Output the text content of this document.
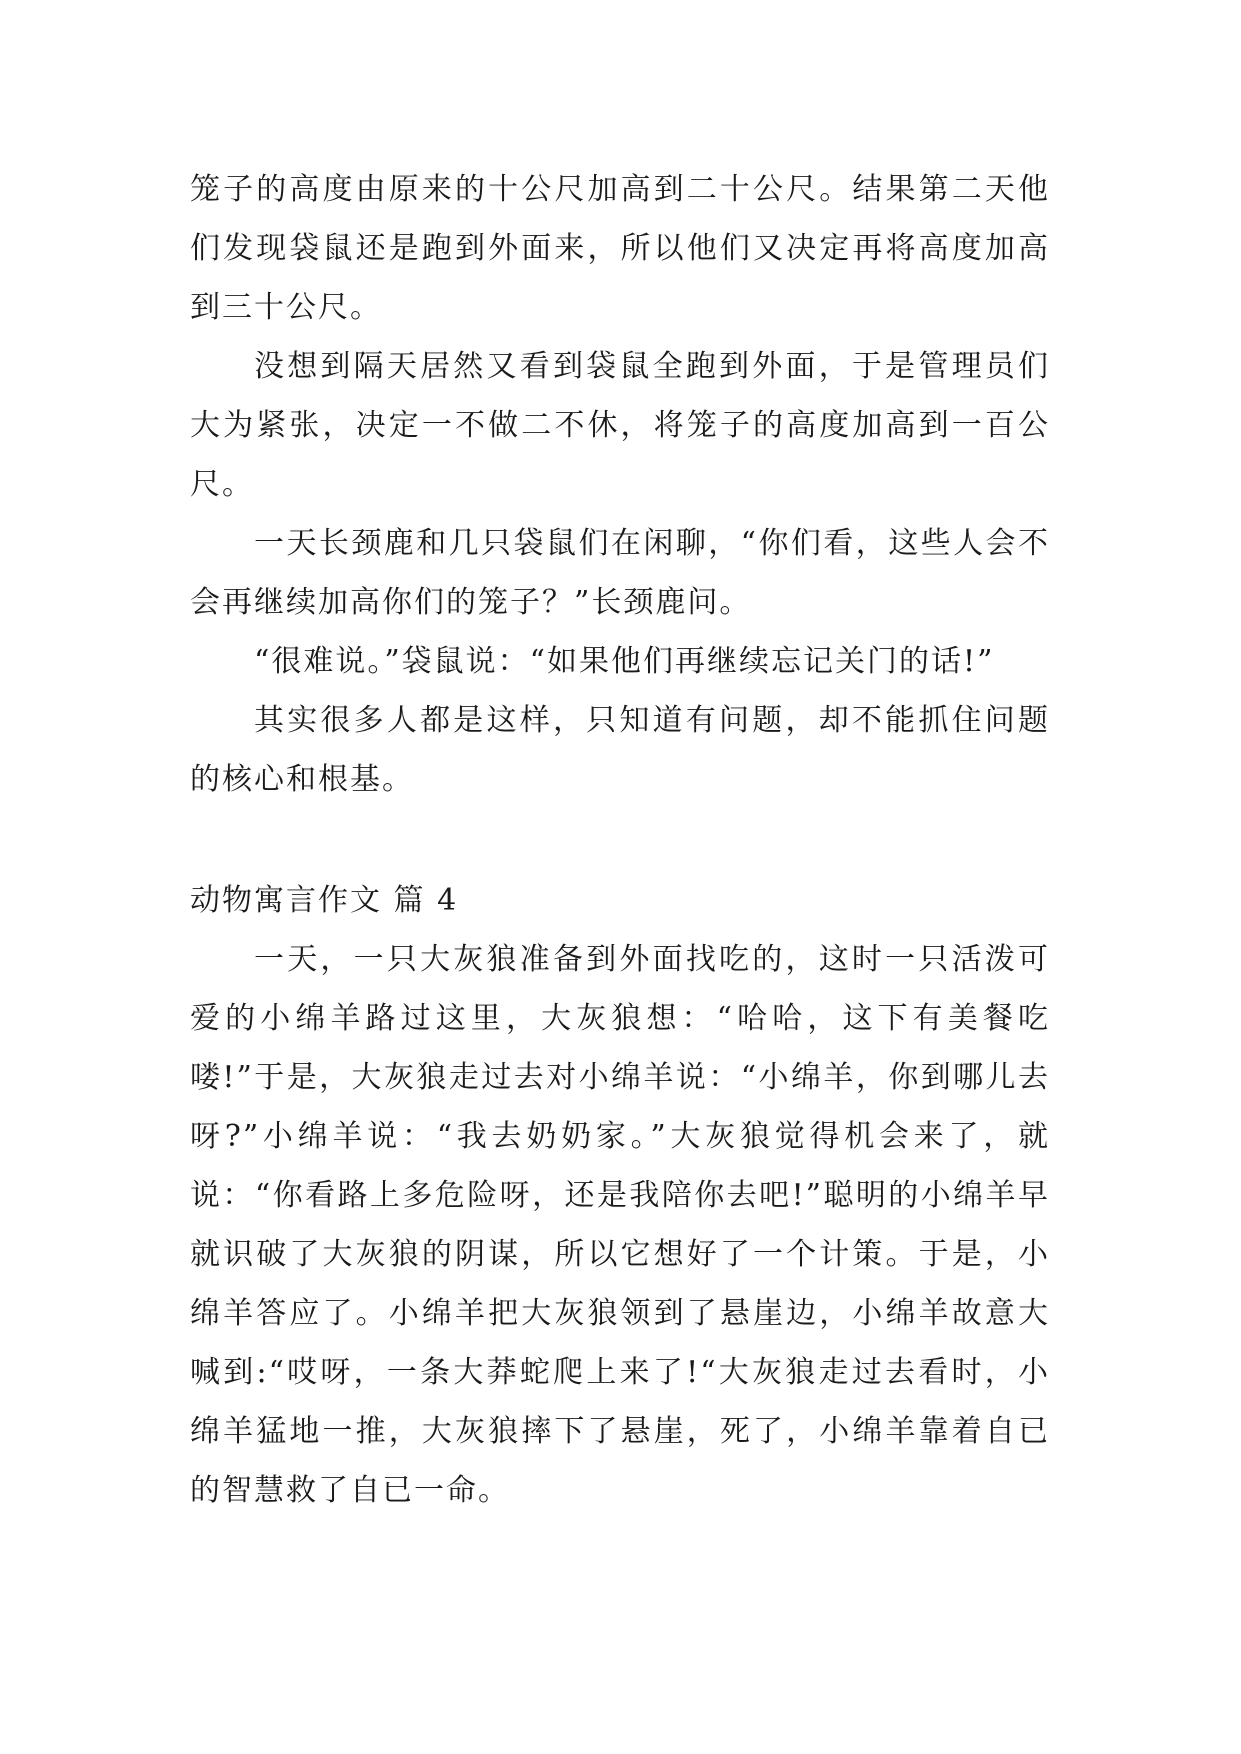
笼子的高度由原来的十公尺加高到二十公尺。结果第二天他们发现袋鼠还是跑到外面来，所以他们又决定再将高度加高到三十公尺。

没想到隔天居然又看到袋鼠全跑到外面，于是管理员们大为紧张，决定一不做二不休，将笼子的高度加高到一百公尺。

一天长颈鹿和几只袋鼠们在闲聊，“你们看，这些人会不会再继续加高你们的笼子？”长颈鹿问。

“很难说。”袋鼠说：“如果他们再继续忘记关门的话!”

其实很多人都是这样，只知道有问题，却不能抓住问题的核心和根基。

动物寓言作文 篇 4

一天，一只大灰狼准备到外面找吃的，这时一只活泼可爱的小绵羊路过这里，大灰狼想：“哈哈，这下有美餐吃喽!”于是，大灰狼走过去对小绵羊说：“小绵羊，你到哪儿去呀?”小绵羊说：“我去奶奶家。”大灰狼觉得机会来了，就说：“你看路上多危险呀，还是我陪你去吧!”聪明的小绵羊早就识破了大灰狼的阴谋，所以它想好了一个计策。于是，小绵羊答应了。小绵羊把大灰狼领到了悬崖边，小绵羊故意大喊到:“哎呀，一条大莽蛇爬上来了!“大灰狼走过去看时，小绵羊猛地一推，大灰狼摔下了悬崖，死了，小绵羊靠着自已的智慧救了自已一命。
